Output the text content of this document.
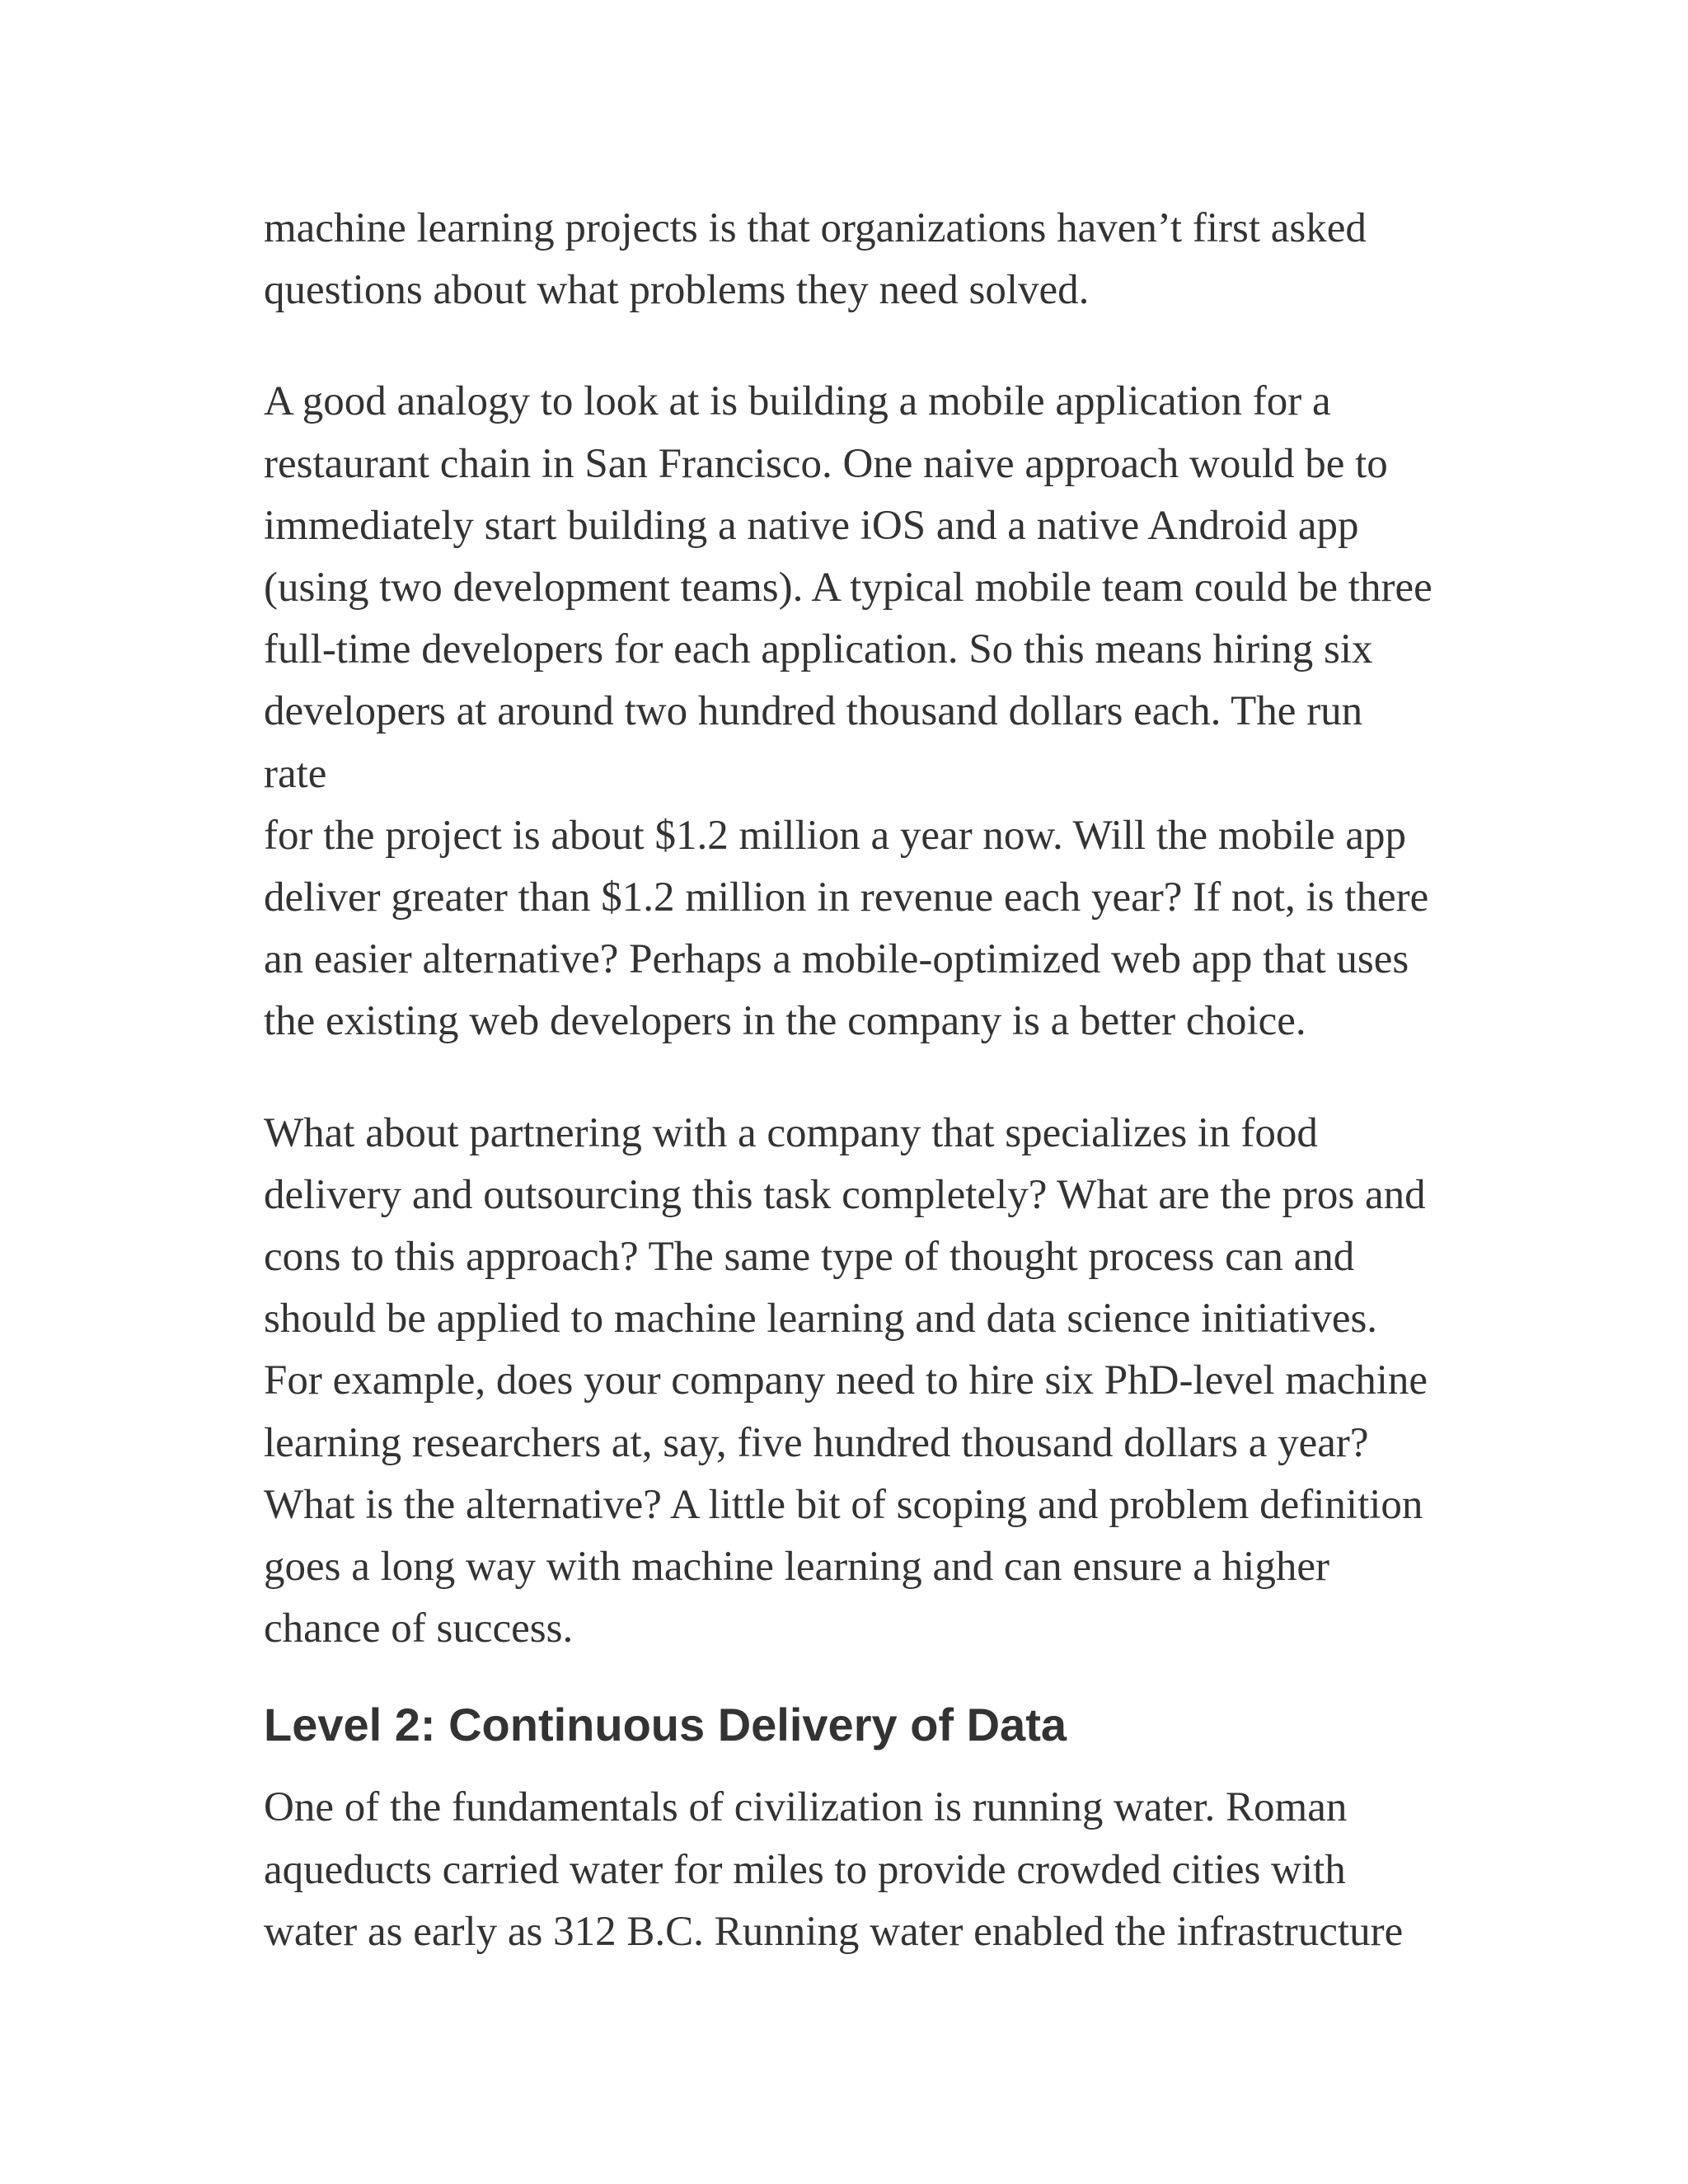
machine learning projects is that organizations haven’t first asked
questions about what problems they need solved.

A good analogy to look at is building a mobile application for a
restaurant chain in San Francisco. One naive approach would be to
immediately start building a native iOS and a native Android app
(using two development teams). A typical mobile team could be three
full-time developers for each application. So this means hiring six
developers at around two hundred thousand dollars each. The run rate
for the project is about $1.2 million a year now. Will the mobile app
deliver greater than $1.2 million in revenue each year? If not, is there
an easier alternative? Perhaps a mobile-optimized web app that uses
the existing web developers in the company is a better choice.

What about partnering with a company that specializes in food
delivery and outsourcing this task completely? What are the pros and
cons to this approach? The same type of thought process can and
should be applied to machine learning and data science initiatives.
For example, does your company need to hire six PhD-level machine
learning researchers at, say, five hundred thousand dollars a year?
What is the alternative? A little bit of scoping and problem definition
goes a long way with machine learning and can ensure a higher
chance of success.

Level 2: Continuous Delivery of Data

One of the fundamentals of civilization is running water. Roman
aqueducts carried water for miles to provide crowded cities with
water as early as 312 B.C. Running water enabled the infrastructure
